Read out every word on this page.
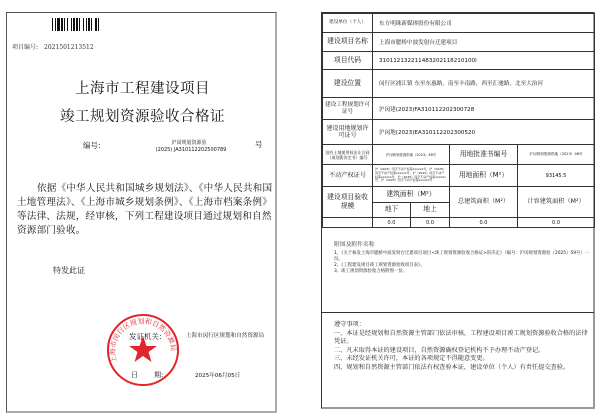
项目编号: 2021501213512
上海市工程建设项目
竣工规划资源验收合格证
编号:	沪闵规划资源验
(2025) JA310112202500789
号
依据《中华人民共和国城乡规划法》、《中华人民共和国土地管理法》、《上海市城乡规划条例》、《上海市档案条例》等法律、法规，经审核，下列工程建设项目通过规划和自然资源部门验收。
特发此证
上海市闵行区规划和自然资源局
发证机关:	上海市闵行区规划和自然资源局
日 期:	2025年06月05日
建设单位（个人）	东方明珠新媒体股份有限公司			
建设项目名称	上海市腮桥中波发射台迁建项目			
项目代码	310112132211483202118210100l			
建设位置	闵行区浦江镇 东至东惠路，南至丰南路，西至汇驰路，北至大治河			
建设工程规划许可证号	沪闵建(2023)FA310112202300728			
建设用地规划许可证号	沪闵地(2023)EA310112202300520			
国有土地使用权出让合同（或划拨决定书）编号	沪闵规划资源供地（2023）46号		用地批准书编号	沪闵规划资源供地（2023）46号
不动产权证号	沪（2025）闵字不动产权第xxxxxx号，沪（2025）闵字不动产权第xxxxxx号，沪（2025）闵字不动产权第xxxxxx号，沪（2025）闵字不动产权第xxxxxx号，沪（2025）闵字不动产权第xxxxxx号		用地面积（M²）	93145.5
建设项目验收规模	建筑面积（M²）		总建筑面积（M²）	计容建筑面积（M²）
	地下	地上		
	0.0	0.0	0.0	0.0
附图及附件名称
1、《关于核发上海市腮桥中波发射台迁建项目项目<竣工规划资源验收合格证>的决定》（编号：沪闵规划资源验（2025）59号）一份。
2、《工程建设项目竣工规划资源验收项目表》。
3、竣工规划资源验收合格附图一份。
遵守事项：
一、本证是经规划和自然资源主管部门依法审核，工程建设项目竣工规划资源验收合格的法律凭证。
二、凡未取得本证的建设项目，自然资源确权登记机构不予办理不动产登记。
三、未经发证机关许可，本证的各项规定不得随意变更。
四、规划和自然资源主管部门依法有权查验本证，建设单位（个人）有责任提交查验。
